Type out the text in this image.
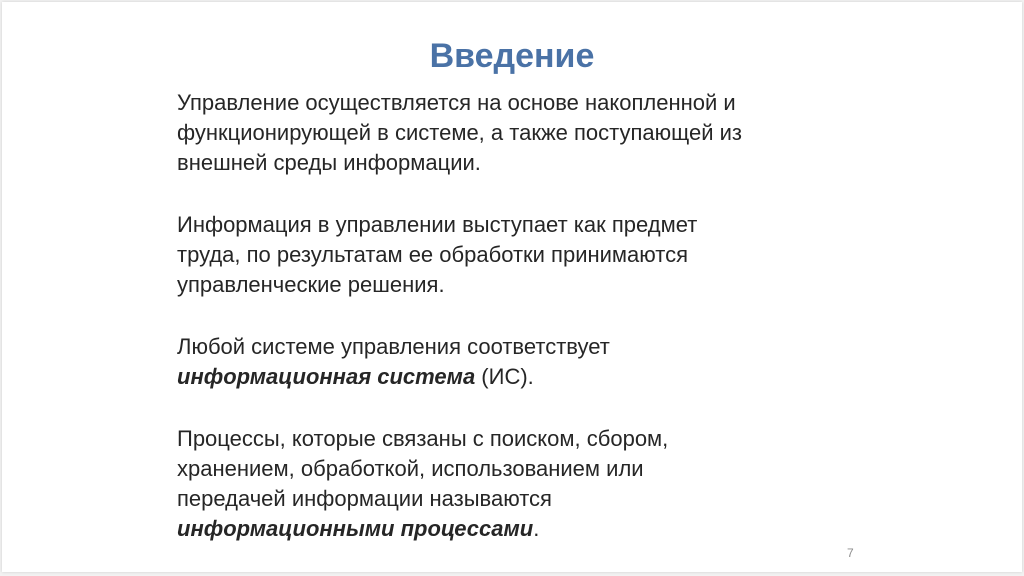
Введение

Управление осуществляется на основе накопленной и
функционирующей в системе, а также поступающей из
внешней среды информации.

Информация в управлении выступает как предмет
труда, по результатам ее обработки принимаются
управленческие решения.

Любой системе управления соответствует
информационная система (ИС).

Процессы, которые связаны с поиском, сбором,
хранением, обработкой, использованием или
передачей информации называются
информационными процессами.

7
